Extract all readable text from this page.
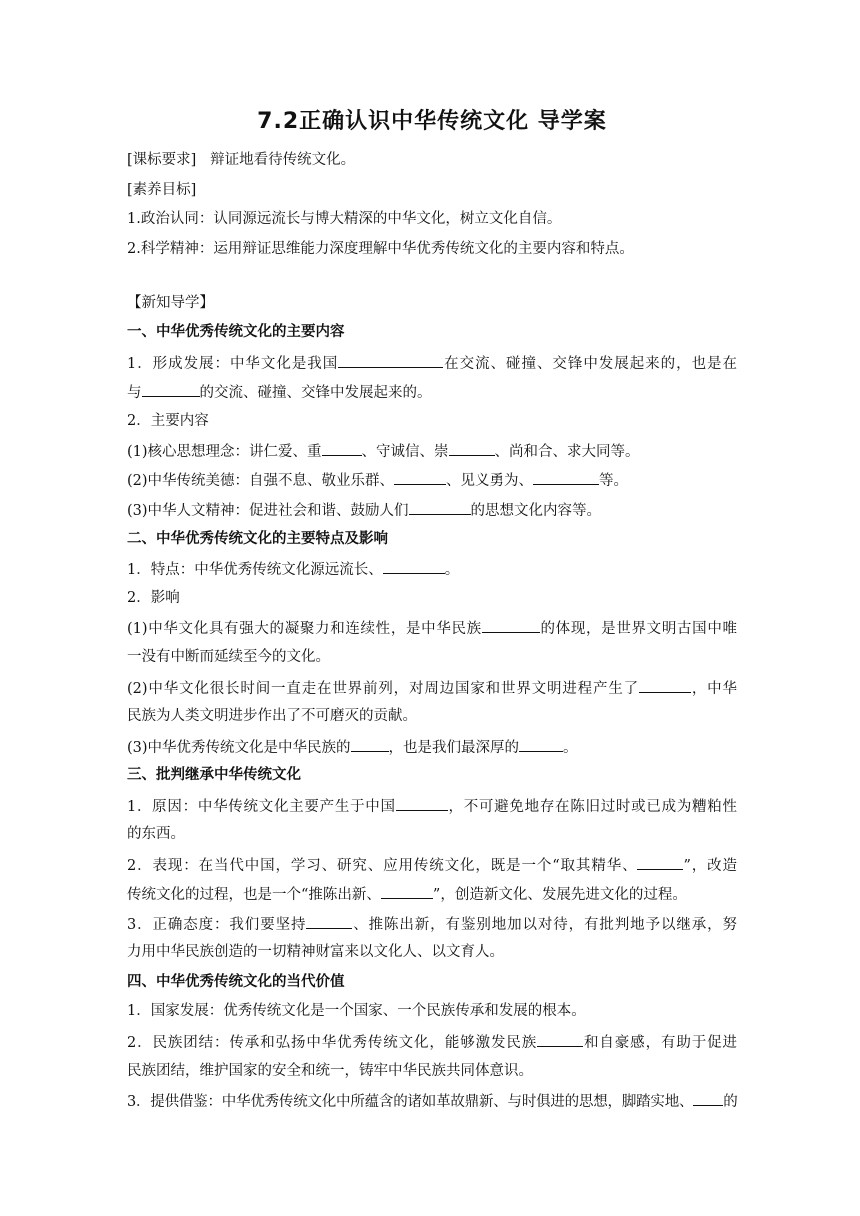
7.2正确认识中华传统文化 导学案
[课标要求] 辩证地看待传统文化。
[素养目标]
1.政治认同：认同源远流长与博大精深的中华文化，树立文化自信。
2.科学精神：运用辩证思维能力深度理解中华优秀传统文化的主要内容和特点。
【新知导学】
一、中华优秀传统文化的主要内容
1．形成发展：中华文化是我国	在交流、碰撞、交锋中发展起来的，也是在
与	的交流、碰撞、交锋中发展起来的。
2．主要内容
(1)核心思想理念：讲仁爱、重	、守诚信、崇	、尚和合、求大同等。
(2)中华传统美德：自强不息、敬业乐群、	、见义勇为、	等。
(3)中华人文精神：促进社会和谐、鼓励人们	的思想文化内容等。
二、中华优秀传统文化的主要特点及影响
1．特点：中华优秀传统文化源远流长、	。
2．影响
(1)中华文化具有强大的凝聚力和连续性，是中华民族	的体现，是世界文明古国中唯
一没有中断而延续至今的文化。
(2)中华文化很长时间一直走在世界前列，对周边国家和世界文明进程产生了	，中华
民族为人类文明进步作出了不可磨灭的贡献。
(3)中华优秀传统文化是中华民族的	，也是我们最深厚的	。
三、批判继承中华传统文化
1．原因：中华传统文化主要产生于中国	，不可避免地存在陈旧过时或已成为糟粕性
的东西。
2．表现：在当代中国，学习、研究、应用传统文化，既是一个“取其精华、	”，改造
传统文化的过程，也是一个“推陈出新、	”，创造新文化、发展先进文化的过程。
3．正确态度：我们要坚持	、推陈出新，有鉴别地加以对待，有批判地予以继承，努
力用中华民族创造的一切精神财富来以文化人、以文育人。
四、中华优秀传统文化的当代价值
1．国家发展：优秀传统文化是一个国家、一个民族传承和发展的根本。
2．民族团结：传承和弘扬中华优秀传统文化，能够激发民族	和自豪感，有助于促进
民族团结，维护国家的安全和统一，铸牢中华民族共同体意识。
3．提供借鉴：中华优秀传统文化中所蕴含的诸如革故鼎新、与时俱进的思想，脚踏实地、 的
